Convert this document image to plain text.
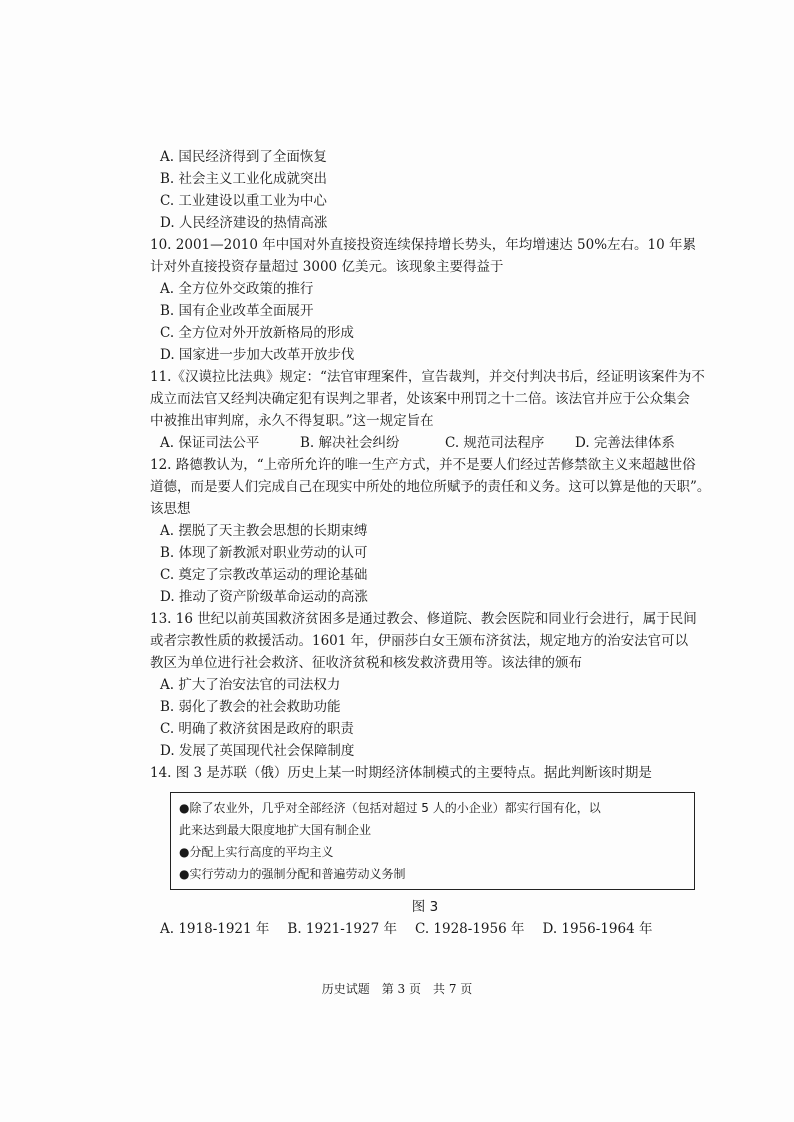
A. 国民经济得到了全面恢复
B. 社会主义工业化成就突出
C. 工业建设以重工业为中心
D. 人民经济建设的热情高涨
10. 2001—2010 年中国对外直接投资连续保持增长势头，年均增速达 50%左右。10 年累
计对外直接投资存量超过 3000 亿美元。该现象主要得益于
A. 全方位外交政策的推行
B. 国有企业改革全面展开
C. 全方位对外开放新格局的形成
D. 国家进一步加大改革开放步伐
11.《汉谟拉比法典》规定：“法官审理案件，宣告裁判，并交付判决书后，经证明该案件为不
成立而法官又经判决确定犯有误判之罪者，处该案中刑罚之十二倍。该法官并应于公众集会
中被推出审判席，永久不得复职。”这一规定旨在
A. 保证司法公平	B. 解决社会纠纷	C. 规范司法程序	D. 完善法律体系
12. 路德教认为，“上帝所允许的唯一生产方式，并不是要人们经过苦修禁欲主义来超越世俗
道德，而是要人们完成自己在现实中所处的地位所赋予的责任和义务。这可以算是他的天职”。
该思想
A. 摆脱了天主教会思想的长期束缚
B. 体现了新教派对职业劳动的认可
C. 奠定了宗教改革运动的理论基础
D. 推动了资产阶级革命运动的高涨
13. 16 世纪以前英国救济贫困多是通过教会、修道院、教会医院和同业行会进行，属于民间
或者宗教性质的救援活动。1601 年，伊丽莎白女王颁布济贫法，规定地方的治安法官可以
教区为单位进行社会救济、征收济贫税和核发救济费用等。该法律的颁布
A. 扩大了治安法官的司法权力
B. 弱化了教会的社会救助功能
C. 明确了救济贫困是政府的职责
D. 发展了英国现代社会保障制度
14. 图 3 是苏联（俄）历史上某一时期经济体制模式的主要特点。据此判断该时期是
●除了农业外，几乎对全部经济（包括对超过 5 人的小企业）都实行国有化，以
此来达到最大限度地扩大国有制企业
●分配上实行高度的平均主义
●实行劳动力的强制分配和普遍劳动义务制
图 3
A. 1918-1921 年 B. 1921-1927 年 C. 1928-1956 年 D. 1956-1964 年
历史试题　第 3 页　共 7 页
